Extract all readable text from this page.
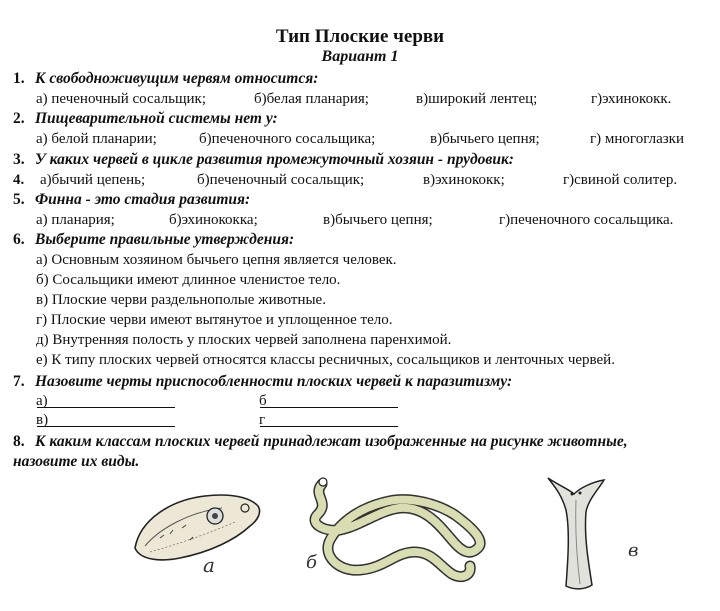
Тип Плоские черви
Вариант 1
1. К свободноживущим червям относится:
а) печеночный сосальщик;	б)белая планария;	в)широкий лентец;	г)эхинококк.
2. Пищеварительной системы нет у:
а) белой планарии;	б)печеночного сосальщика;	в)бычьего цепня;	г) многоглазки
3. У каких червей в цикле развития промежуточный хозяин - прудовик:
4. а)бычий цепень;	б)печеночный сосальщик;	в)эхинококк;	г)свиной солитер.
5. Финна - это стадия развития:
а) планария;	б)эхинококка;	в)бычьего цепня;	г)печеночного сосальщика.
6. Выберите правильные утверждения:
а) Основным хозяином бычьего цепня является человек.
б) Сосальщики имеют длинное членистое тело.
в) Плоские черви раздельнополые животные.
г) Плоские черви имеют вытянутое и уплощенное тело.
д) Внутренняя полость у плоских червей заполнена паренхимой.
е) К типу плоских червей относятся классы ресничных, сосальщиков и ленточных червей.
7. Назовите черты приспособленности плоских червей к паразитизму:
а)	б
в)	г
8. К каким классам плоских червей принадлежат изображенные на рисунке животные,
назовите их виды.
а	б
в
